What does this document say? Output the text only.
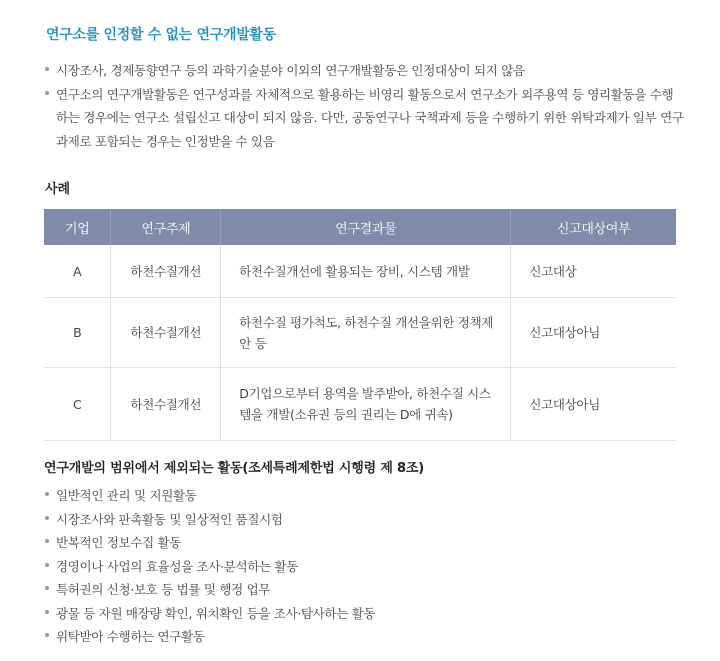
연구소를 인정할 수 없는 연구개발활동
시장조사, 경제동향연구 등의 과학기술분야 이외의 연구개발활동은 인정대상이 되지 않음
연구소의 연구개발활동은 연구성과를 자체적으로 활용하는 비영리 활동으로서 연구소가 외주용역 등 영리활동을 수행하는 경우에는 연구소 설립신고 대상이 되지 않음. 다만, 공동연구나 국책과제 등을 수행하기 위한 위탁과제가 일부 연구과제로 포함되는 경우는 인정받을 수 있음
사례
기업	연구주제	연구결과물	신고대상여부
A	하천수질개선	하천수질개선에 활용되는 장비, 시스템 개발	신고대상
B	하천수질개선	하천수질 평가척도, 하천수질 개선을위한 정책제안 등	신고대상아님
C	하천수질개선	D기업으로부터 용역을 발주받아, 하천수질 시스템을 개발(소유권 등의 권리는 D에 귀속)	신고대상아님
연구개발의 범위에서 제외되는 활동(조세특례제한법 시행령 제 8조)
일반적인 관리 및 지원활동
시장조사와 판촉활동 및 일상적인 품질시험
반복적인 정보수집 활동
경영이나 사업의 효율성을 조사·분석하는 활동
특허권의 신청·보호 등 법률 및 행정 업무
광물 등 자원 매장량 확인, 위치확인 등을 조사·탐사하는 활동
위탁받아 수행하는 연구활동
